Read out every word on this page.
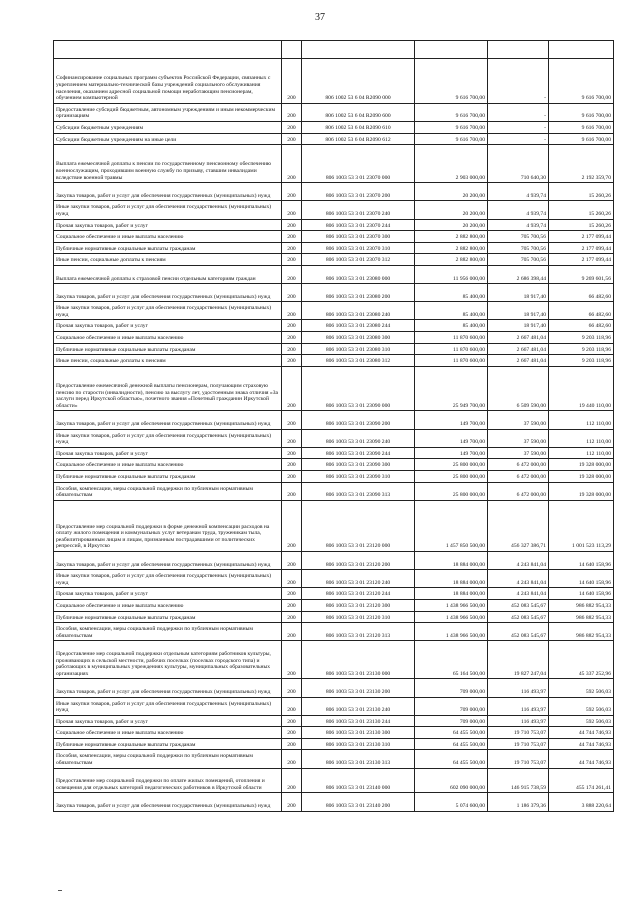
37

Софинансирование социальных программ субъектов Российской Федерации, связанных с укреплением материально-технической базы учреждений социального обслуживания населения, оказанием адресной социальной помощи неработающим пенсионерам, обучением компьютерной	200	806 1002 53 6 04 R2090 000	9 616 700,00	-	9 616 700,00
Предоставление субсидий бюджетным, автономным учреждениям и иным некоммерческим организациям	200	806 1002 53 6 04 R2090 600	9 616 700,00	-	9 616 700,00
Субсидии бюджетным учреждениям	200	806 1002 53 6 04 R2090 610	9 616 700,00	-	9 616 700,00
Субсидии бюджетным учреждениям на иные цели	200	806 1002 53 6 04 R2090 612	9 616 700,00	-	9 616 700,00
Выплата ежемесячной доплаты к пенсии по государственному пенсионному обеспечению военнослужащим, проходившим военную службу по призыву, ставшим инвалидами вследствие военной травмы	200	806 1003 53 3 01 23070 000	2 903 000,00	710 640,30	2 192 359,70
Закупка товаров, работ и услуг для обеспечения государственных (муниципальных) нужд	200	806 1003 53 3 01 23070 200	20 200,00	4 939,74	15 260,26
Иные закупки товаров, работ и услуг для обеспечения государственных (муниципальных) нужд	200	806 1003 53 3 01 23070 240	20 200,00	4 939,74	15 260,26
Прочая закупка товаров, работ и услуг	200	806 1003 53 3 01 23070 244	20 200,00	4 939,74	15 260,26
Социальное обеспечение и иные выплаты населению	200	806 1003 53 3 01 23070 300	2 882 800,00	705 700,56	2 177 099,44
Публичные нормативные социальные выплаты гражданам	200	806 1003 53 3 01 23070 310	2 882 800,00	705 700,56	2 177 099,44
Иные пенсии, социальные доплаты к пенсиям	200	806 1003 53 3 01 23070 312	2 882 800,00	705 700,56	2 177 099,44
Выплата ежемесячной доплаты к страховой пенсии отдельным категориям граждан	200	806 1003 53 3 01 23080 000	11 956 000,00	2 686 398,44	9 269 601,56
Закупка товаров, работ и услуг для обеспечения государственных (муниципальных) нужд	200	806 1003 53 3 01 23080 200	85 400,00	18 917,40	66 482,60
Иные закупки товаров, работ и услуг для обеспечения государственных (муниципальных) нужд	200	806 1003 53 3 01 23080 240	85 400,00	18 917,40	66 482,60
Прочая закупка товаров, работ и услуг	200	806 1003 53 3 01 23080 244	85 400,00	18 917,40	66 482,60
Социальное обеспечение и иные выплаты населению	200	806 1003 53 3 01 23080 300	11 870 600,00	2 667 481,04	9 203 118,96
Публичные нормативные социальные выплаты гражданам	200	806 1003 53 3 01 23080 310	11 870 600,00	2 667 481,04	9 203 118,96
Иные пенсии, социальные доплаты к пенсиям	200	806 1003 53 3 01 23080 312	11 870 600,00	2 667 481,04	9 203 118,96
Предоставление ежемесячной денежной выплаты пенсионерам, получающим страховую пенсию по старости (инвалидности), пенсию за выслугу лет, удостоенным знака отличия «За заслуги перед Иркутской областью», почетного звания «Почетный гражданин Иркутской области»	200	806 1003 53 3 01 23090 000	25 949 700,00	6 509 590,00	19 440 110,00
Закупка товаров, работ и услуг для обеспечения государственных (муниципальных) нужд	200	806 1003 53 3 01 23090 200	149 700,00	37 590,00	112 110,00
Иные закупки товаров, работ и услуг для обеспечения государственных (муниципальных) нужд	200	806 1003 53 3 01 23090 240	149 700,00	37 590,00	112 110,00
Прочая закупка товаров, работ и услуг	200	806 1003 53 3 01 23090 244	149 700,00	37 590,00	112 110,00
Социальное обеспечение и иные выплаты населению	200	806 1003 53 3 01 23090 300	25 800 000,00	6 472 000,00	19 328 000,00
Публичные нормативные социальные выплаты гражданам	200	806 1003 53 3 01 23090 310	25 800 000,00	6 472 000,00	19 328 000,00
Пособия, компенсации, меры социальной поддержки по публичным нормативным обязательствам	200	806 1003 53 3 01 23090 313	25 800 000,00	6 472 000,00	19 328 000,00
Предоставление мер социальной поддержки в форме денежной компенсации расходов на оплату жилого помещения и коммунальных услуг ветеранам труда, труженикам тыла, реабилитированным лицам и лицам, признанным пострадавшими от политических репрессий, в Иркутско	200	806 1003 53 3 01 23120 000	1 457 850 500,00	456 327 386,71	1 001 523 113,29
Закупка товаров, работ и услуг для обеспечения государственных (муниципальных) нужд	200	806 1003 53 3 01 23120 200	18 884 000,00	4 243 841,04	14 640 158,96
Иные закупки товаров, работ и услуг для обеспечения государственных (муниципальных) нужд	200	806 1003 53 3 01 23120 240	18 884 000,00	4 243 841,04	14 640 158,96
Прочая закупка товаров, работ и услуг	200	806 1003 53 3 01 23120 244	18 884 000,00	4 243 841,04	14 640 158,96
Социальное обеспечение и иные выплаты населению	200	806 1003 53 3 01 23120 300	1 438 966 500,00	452 083 545,67	986 882 954,33
Публичные нормативные социальные выплаты гражданам	200	806 1003 53 3 01 23120 310	1 438 966 500,00	452 083 545,67	986 882 954,33
Пособия, компенсации, меры социальной поддержки по публичным нормативным обязательствам	200	806 1003 53 3 01 23120 313	1 438 966 500,00	452 083 545,67	986 882 954,33
Предоставление мер социальной поддержки отдельным категориям работников культуры, проживающих в сельской местности, рабочих поселках (поселках городского типа) и работающих в муниципальных учреждениях культуры, муниципальных образовательных организациях	200	806 1003 53 3 01 23130 000	65 164 500,00	19 827 247,04	45 337 252,96
Закупка товаров, работ и услуг для обеспечения государственных (муниципальных) нужд	200	806 1003 53 3 01 23130 200	709 000,00	116 493,97	592 506,03
Иные закупки товаров, работ и услуг для обеспечения государственных (муниципальных) нужд	200	806 1003 53 3 01 23130 240	709 000,00	116 493,97	592 506,03
Прочая закупка товаров, работ и услуг	200	806 1003 53 3 01 23130 244	709 000,00	116 493,97	592 506,03
Социальное обеспечение и иные выплаты населению	200	806 1003 53 3 01 23130 300	64 455 500,00	19 710 753,07	44 744 746,93
Публичные нормативные социальные выплаты гражданам	200	806 1003 53 3 01 23130 310	64 455 500,00	19 710 753,07	44 744 746,93
Пособия, компенсации, меры социальной поддержки по публичным нормативным обязательствам	200	806 1003 53 3 01 23130 313	64 455 500,00	19 710 753,07	44 744 746,93
Предоставление мер социальной поддержки по оплате жилых помещений, отопления и освещения для отдельных категорий педагогических работников в Иркутской области	200	806 1003 53 3 01 23140 000	602 090 000,00	146 915 738,59	455 174 261,41
Закупка товаров, работ и услуг для обеспечения государственных (муниципальных) нужд	200	806 1003 53 3 01 23140 200	5 074 600,00	1 186 379,36	3 888 220,64
